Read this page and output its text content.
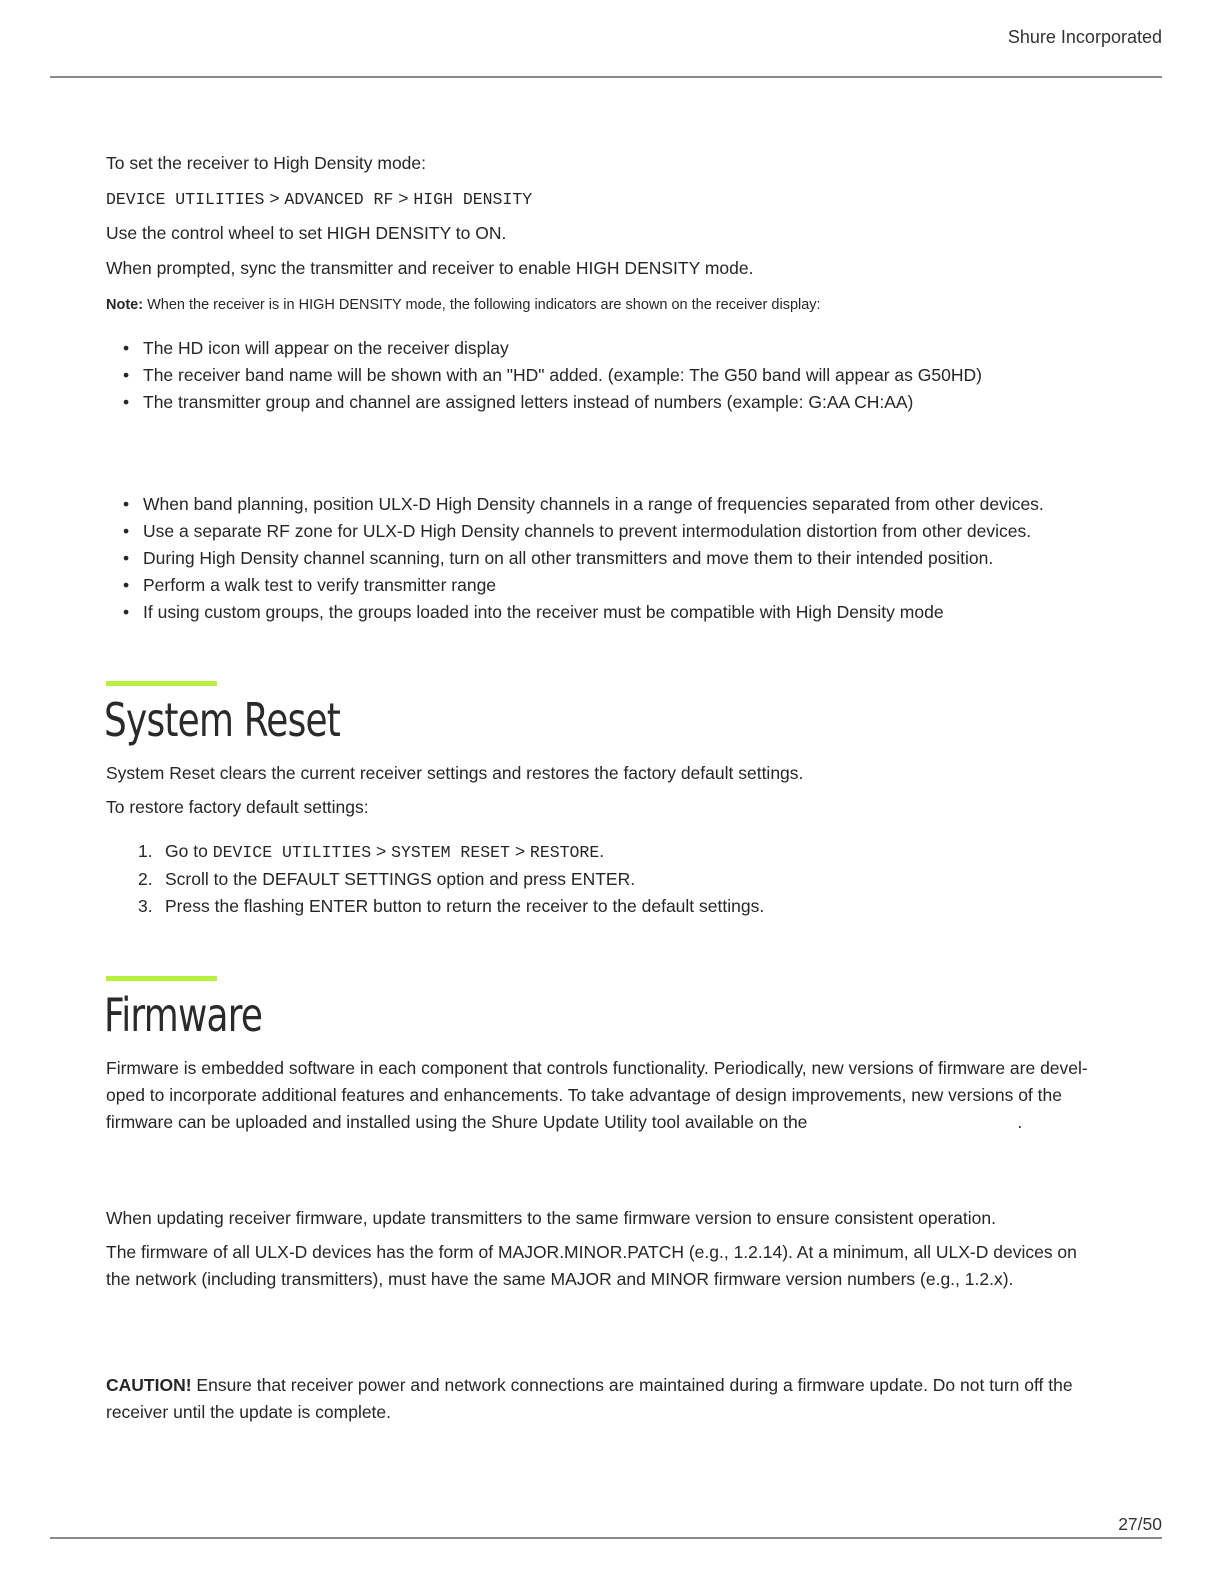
Shure Incorporated
To set the receiver to High Density mode:
DEVICE UTILITIES > ADVANCED RF > HIGH DENSITY
Use the control wheel to set HIGH DENSITY to ON.
When prompted, sync the transmitter and receiver to enable HIGH DENSITY mode.
Note: When the receiver is in HIGH DENSITY mode, the following indicators are shown on the receiver display:
• The HD icon will appear on the receiver display
• The receiver band name will be shown with an "HD" added. (example: The G50 band will appear as G50HD)
• The transmitter group and channel are assigned letters instead of numbers (example: G:AA CH:AA)
• When band planning, position ULX-D High Density channels in a range of frequencies separated from other devices.
• Use a separate RF zone for ULX-D High Density channels to prevent intermodulation distortion from other devices.
• During High Density channel scanning, turn on all other transmitters and move them to their intended position.
• Perform a walk test to verify transmitter range
• If using custom groups, the groups loaded into the receiver must be compatible with High Density mode
System Reset
System Reset clears the current receiver settings and restores the factory default settings.
To restore factory default settings:
1. Go to DEVICE UTILITIES > SYSTEM RESET > RESTORE.
2. Scroll to the DEFAULT SETTINGS option and press ENTER.
3. Press the flashing ENTER button to return the receiver to the default settings.
Firmware
Firmware is embedded software in each component that controls functionality. Periodically, new versions of firmware are devel-
oped to incorporate additional features and enhancements. To take advantage of design improvements, new versions of the
firmware can be uploaded and installed using the Shure Update Utility tool available on the	.
When updating receiver firmware, update transmitters to the same firmware version to ensure consistent operation.
The firmware of all ULX-D devices has the form of MAJOR.MINOR.PATCH (e.g., 1.2.14). At a minimum, all ULX-D devices on
the network (including transmitters), must have the same MAJOR and MINOR firmware version numbers (e.g., 1.2.x).
CAUTION! Ensure that receiver power and network connections are maintained during a firmware update. Do not turn off the
receiver until the update is complete.
27/50
